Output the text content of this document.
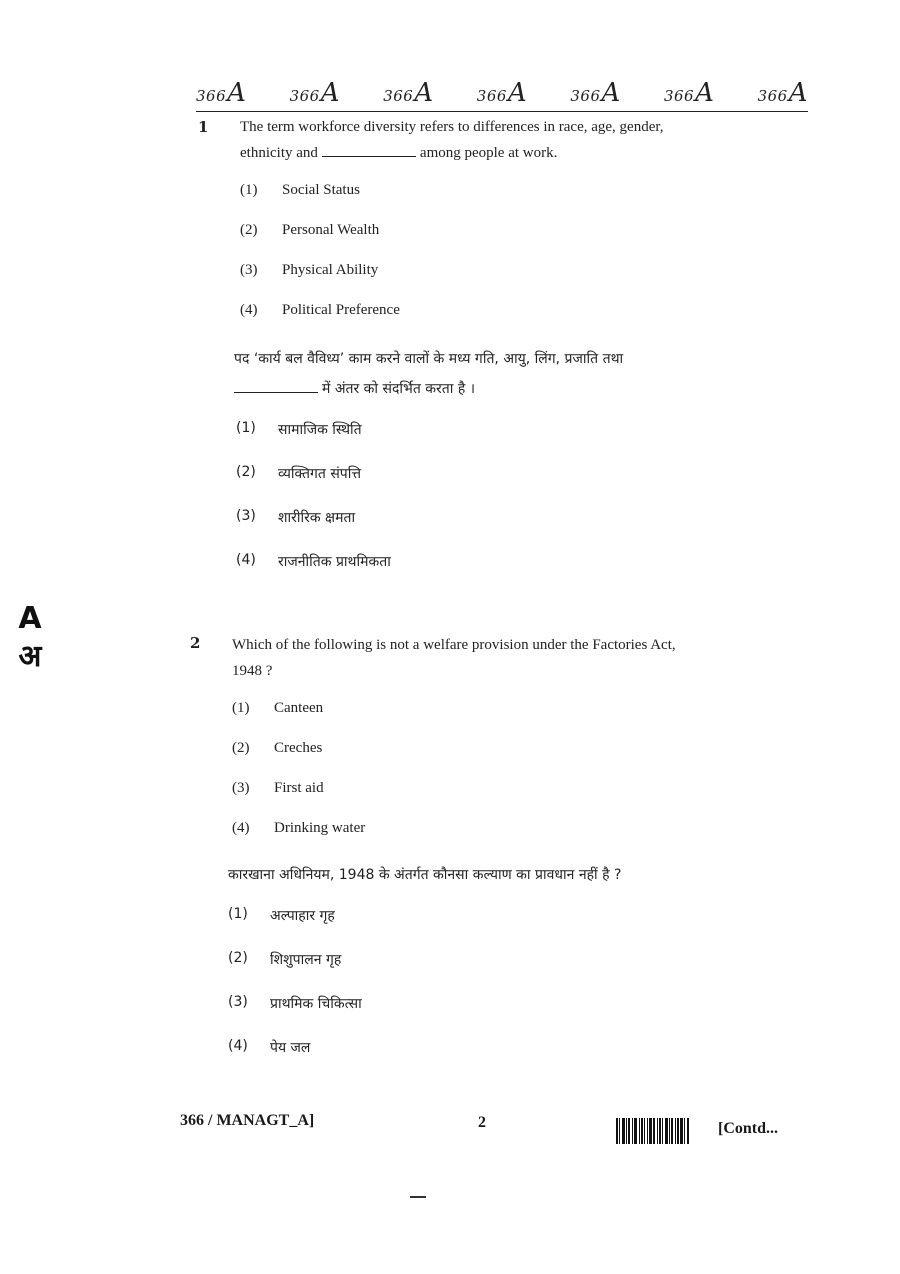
366A	366A	366A	366A	366A	366A	366A
1 The term workforce diversity refers to differences in race, age, gender,
ethnicity and	among people at work.
(1)	Social Status
(2)	Personal Wealth
(3)	Physical Ability
(4)	Political Preference
पद ‘कार्य बल वैविध्य’ काम करने वालों के मध्य गति, आयु, लिंग, प्रजाति तथा
में अंतर को संदर्भित करता है ।
(1)	सामाजिक स्थिति
(2)	व्यक्तिगत संपत्ति
(3)	शारीरिक क्षमता
(4)	राजनीतिक प्राथमिकता
A
अ	2 Which of the following is not a welfare provision under the Factories Act,
1948 ?
(1)	Canteen
(2)	Creches
(3)	First aid
(4)	Drinking water
कारखाना अधिनियम, 1948 के अंतर्गत कौनसा कल्याण का प्रावधान नहीं है ?
(1)	अल्पाहार गृह
(2)	शिशुपालन गृह
(3)	प्राथमिक चिकित्सा
(4)	पेय जल
366 / MANAGT_A]	2	[Contd...
